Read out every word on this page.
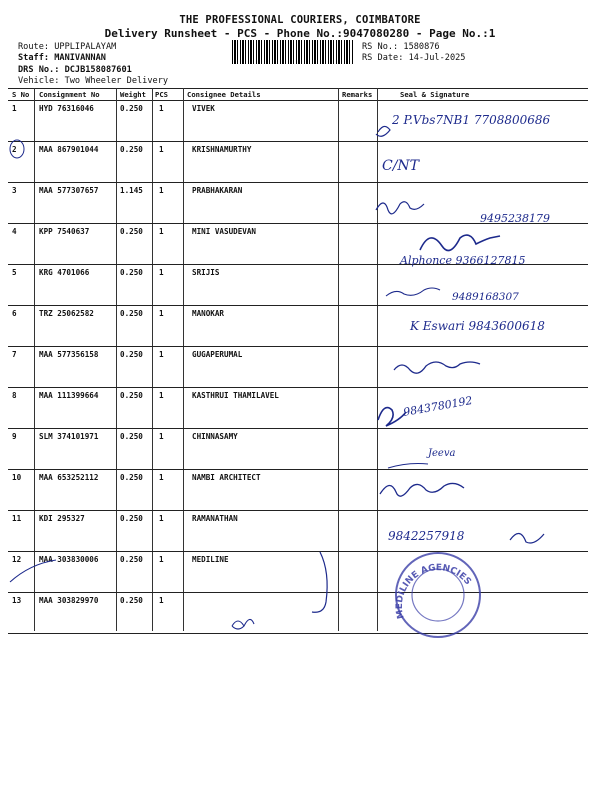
THE PROFESSIONAL COURIERS, COIMBATORE
Delivery Runsheet - PCS - Phone No.:9047080280 - Page No.:1
Route: UPPLIPALAYAM
Staff: MANIVANNAN
DRS No.: DCJB158087601
Vehicle: Two Wheeler Delivery
RS No.: 1580876
RS Date: 14-Jul-2025
S No Consignment No	Weight PCS	Consignee Details	Remarks	Seal & Signature
1	HYD 76316046	0.250 1	VIVEK
2	MAA 867901044	0.250 1	KRISHNAMURTHY
3	MAA 577307657	1.145 1	PRABHAKARAN
4	KPP 7540637	0.250 1	MINI VASUDEVAN
5	KRG 4701066	0.250 1	SRIJIS
6	TRZ 25062582	0.250 1	MANOKAR
7	MAA 577356158	0.250 1	GUGAPERUMAL
8	MAA 111399664	0.250 1	KASTHRUI THAMILAVEL
9	SLM 374101971	0.250 1	CHINNASAMY
10 MAA 653252112	0.250 1	NAMBI ARCHITECT
11 KDI 295327	0.250 1	RAMANATHAN
12 MAA 303830006	0.250 1	MEDILINE
13 MAA 303829970	0.250 1
2 P.Vbs7NB1 7708800686
C/NT
9495238179
Alphonce 9366127815
9489168307
K Eswari 9843600618
9843780192
Jeeva
9842257918
MEDILINE AGENCIES
